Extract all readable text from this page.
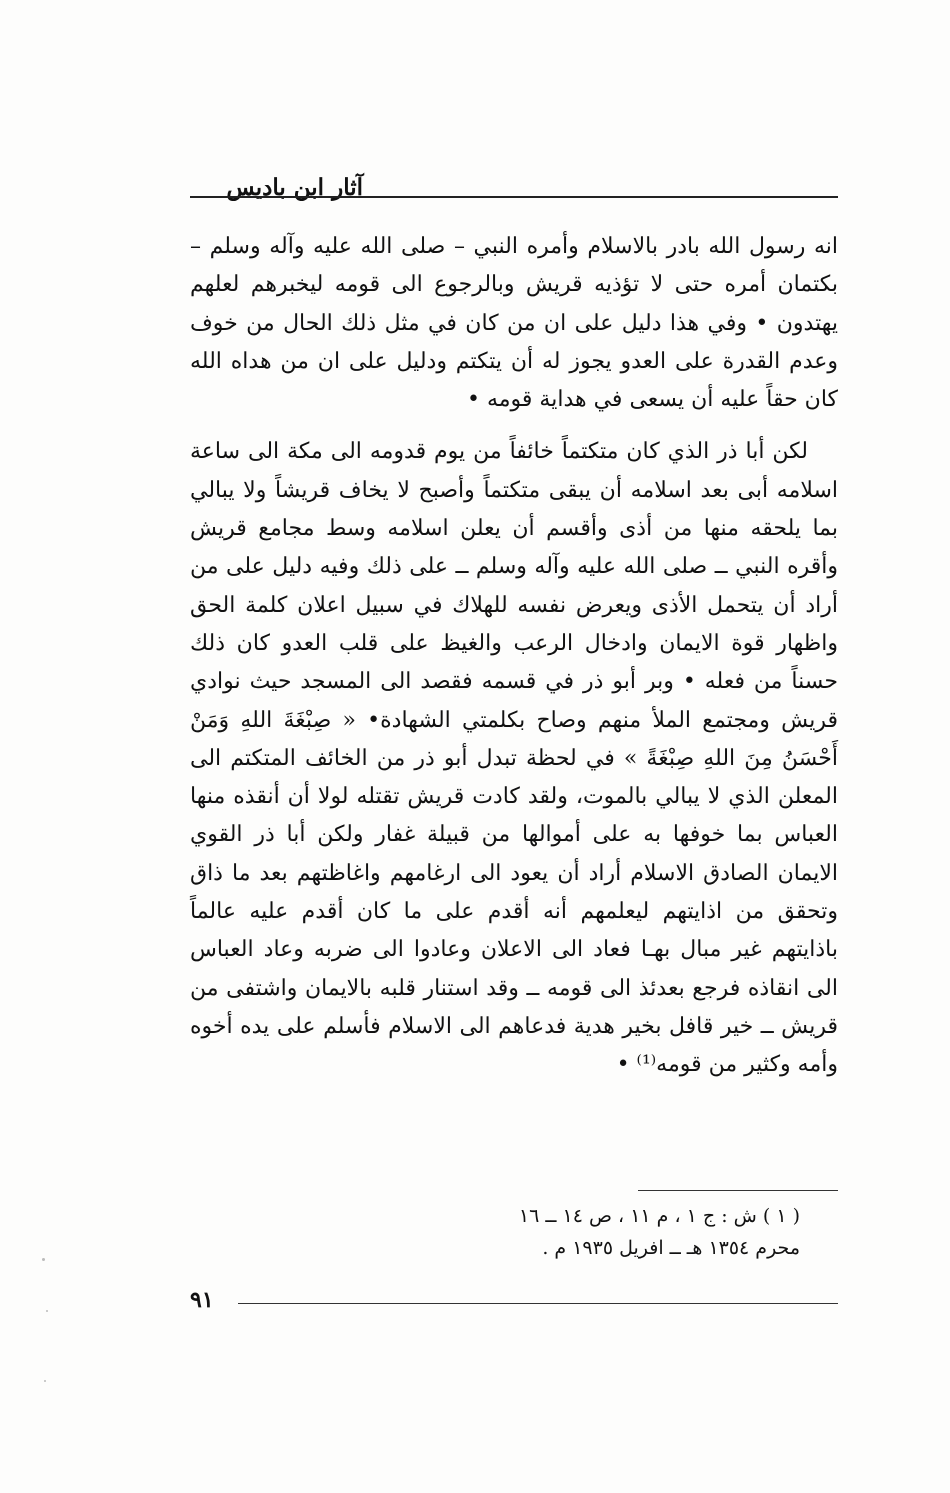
آثار ابن باديس

انه رسول الله بادر بالاسلام وأمره النبي – صلى الله عليه وآله وسلم – بكتمان أمره حتى لا تؤذيه قريش وبالرجوع الى قومه ليخبرهم لعلهم يهتدون • وفي هذا دليل على ان من كان في مثل ذلك الحال من خوف وعدم القدرة على العدو يجوز له أن يتكتم ودليل على ان من هداه الله كان حقاً عليه أن يسعى في هداية قومه •

لكن أبا ذر الذي كان متكتماً خائفاً من يوم قدومه الى مكة الى ساعة اسلامه أبى بعد اسلامه أن يبقى متكتماً وأصبح لا يخاف قريشاً ولا يبالي بما يلحقه منها من أذى وأقسم أن يعلن اسلامه وسط مجامع قريش وأقره النبي ــ صلى الله عليه وآله وسلم ــ على ذلك وفيه دليل على من أراد أن يتحمل الأذى ويعرض نفسه للهلاك في سبيل اعلان كلمة الحق واظهار قوة الايمان وادخال الرعب والغيظ على قلب العدو كان ذلك حسناً من فعله • وبر أبو ذر في قسمه فقصد الى المسجد حيث نوادي قريش ومجتمع الملأ منهم وصاح بكلمتي الشهادة• « صِبْغَةَ اللهِ وَمَنْ أَحْسَنُ مِنَ اللهِ صِبْغَةً » في لحظة تبدل أبو ذر من الخائف المتكتم الى المعلن الذي لا يبالي بالموت، ولقد كادت قريش تقتله لولا أن أنقذه منها العباس بما خوفها به على أموالها من قبيلة غفار ولكن أبا ذر القوي الايمان الصادق الاسلام أراد أن يعود الى ارغامهم واغاظتهم بعد ما ذاق وتحقق من اذايتهم ليعلمهم أنه أقدم على ما كان أقدم عليه عالماً باذايتهم غير مبال بهـا فعاد الى الاعلان وعادوا الى ضربه وعاد العباس الى انقاذه فرجع بعدئذ الى قومه ــ وقد استنار قلبه بالايمان واشتفى من قريش ــ خير قافل بخير هدية فدعاهم الى الاسلام فأسلم على يده أخوه وأمه وكثير من قومه⁽¹⁾ •

( ١ ) ش : ج ١ ، م ١١ ، ص ١٤ ــ ١٦
محرم ١٣٥٤ هـ ــ افريل ١٩٣٥ م .
٩١
